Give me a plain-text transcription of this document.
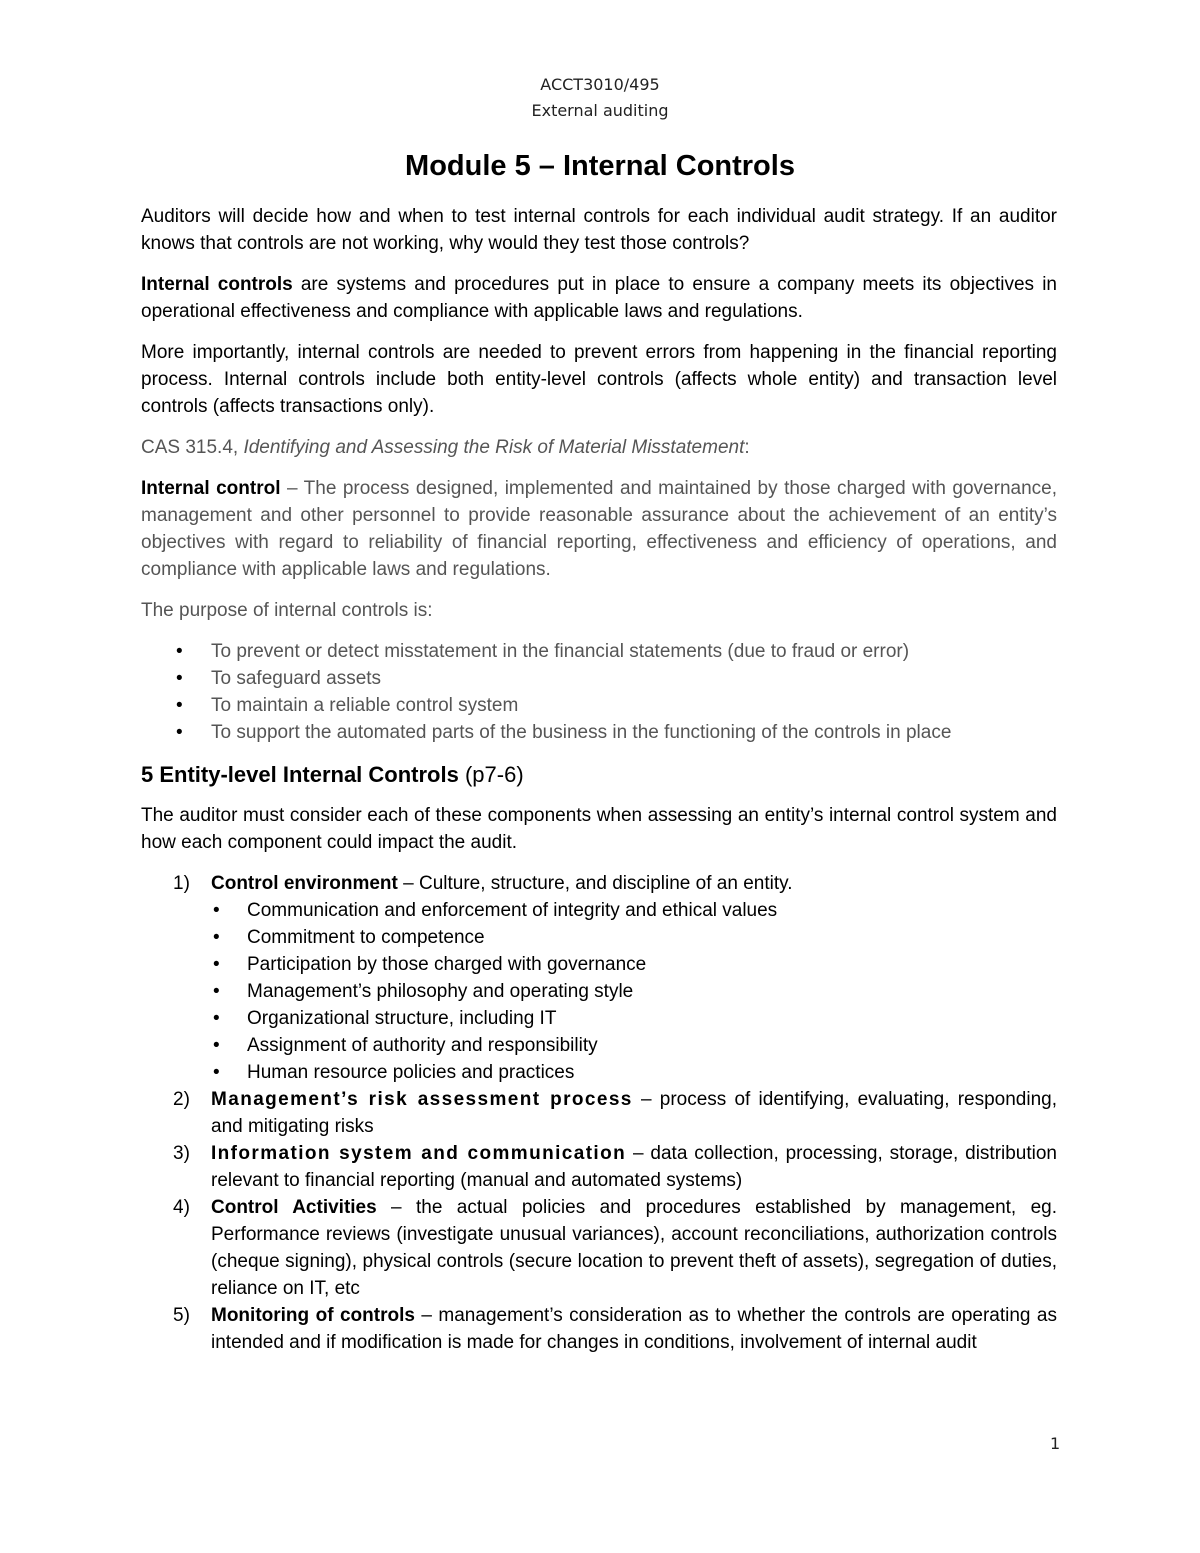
ACCT3010/495
External auditing
Module 5 – Internal Controls

Auditors will decide how and when to test internal controls for each individual audit strategy. If an auditor knows that controls are not working, why would they test those controls?

Internal controls are systems and procedures put in place to ensure a company meets its objectives in operational effectiveness and compliance with applicable laws and regulations.

More importantly, internal controls are needed to prevent errors from happening in the financial reporting process. Internal controls include both entity-level controls (affects whole entity) and transaction level controls (affects transactions only).

CAS 315.4, Identifying and Assessing the Risk of Material Misstatement:

Internal control – The process designed, implemented and maintained by those charged with governance, management and other personnel to provide reasonable assurance about the achievement of an entity’s objectives with regard to reliability of financial reporting, effectiveness and efficiency of operations, and compliance with applicable laws and regulations.

The purpose of internal controls is:

• To prevent or detect misstatement in the financial statements (due to fraud or error)
• To safeguard assets
• To maintain a reliable control system
• To support the automated parts of the business in the functioning of the controls in place
5 Entity-level Internal Controls (p7-6)

The auditor must consider each of these components when assessing an entity’s internal control system and how each component could impact the audit.

1) Control environment – Culture, structure, and discipline of an entity.
• Communication and enforcement of integrity and ethical values
• Commitment to competence
• Participation by those charged with governance
• Management’s philosophy and operating style
• Organizational structure, including IT
• Assignment of authority and responsibility
• Human resource policies and practices
2) Management’s risk assessment process – process of identifying, evaluating, responding, and mitigating risks
3) Information system and communication – data collection, processing, storage, distribution relevant to financial reporting (manual and automated systems)
4) Control Activities – the actual policies and procedures established by management, eg. Performance reviews (investigate unusual variances), account reconciliations, authorization controls (cheque signing), physical controls (secure location to prevent theft of assets), segregation of duties, reliance on IT, etc
5) Monitoring of controls – management’s consideration as to whether the controls are operating as intended and if modification is made for changes in conditions, involvement of internal audit
1
